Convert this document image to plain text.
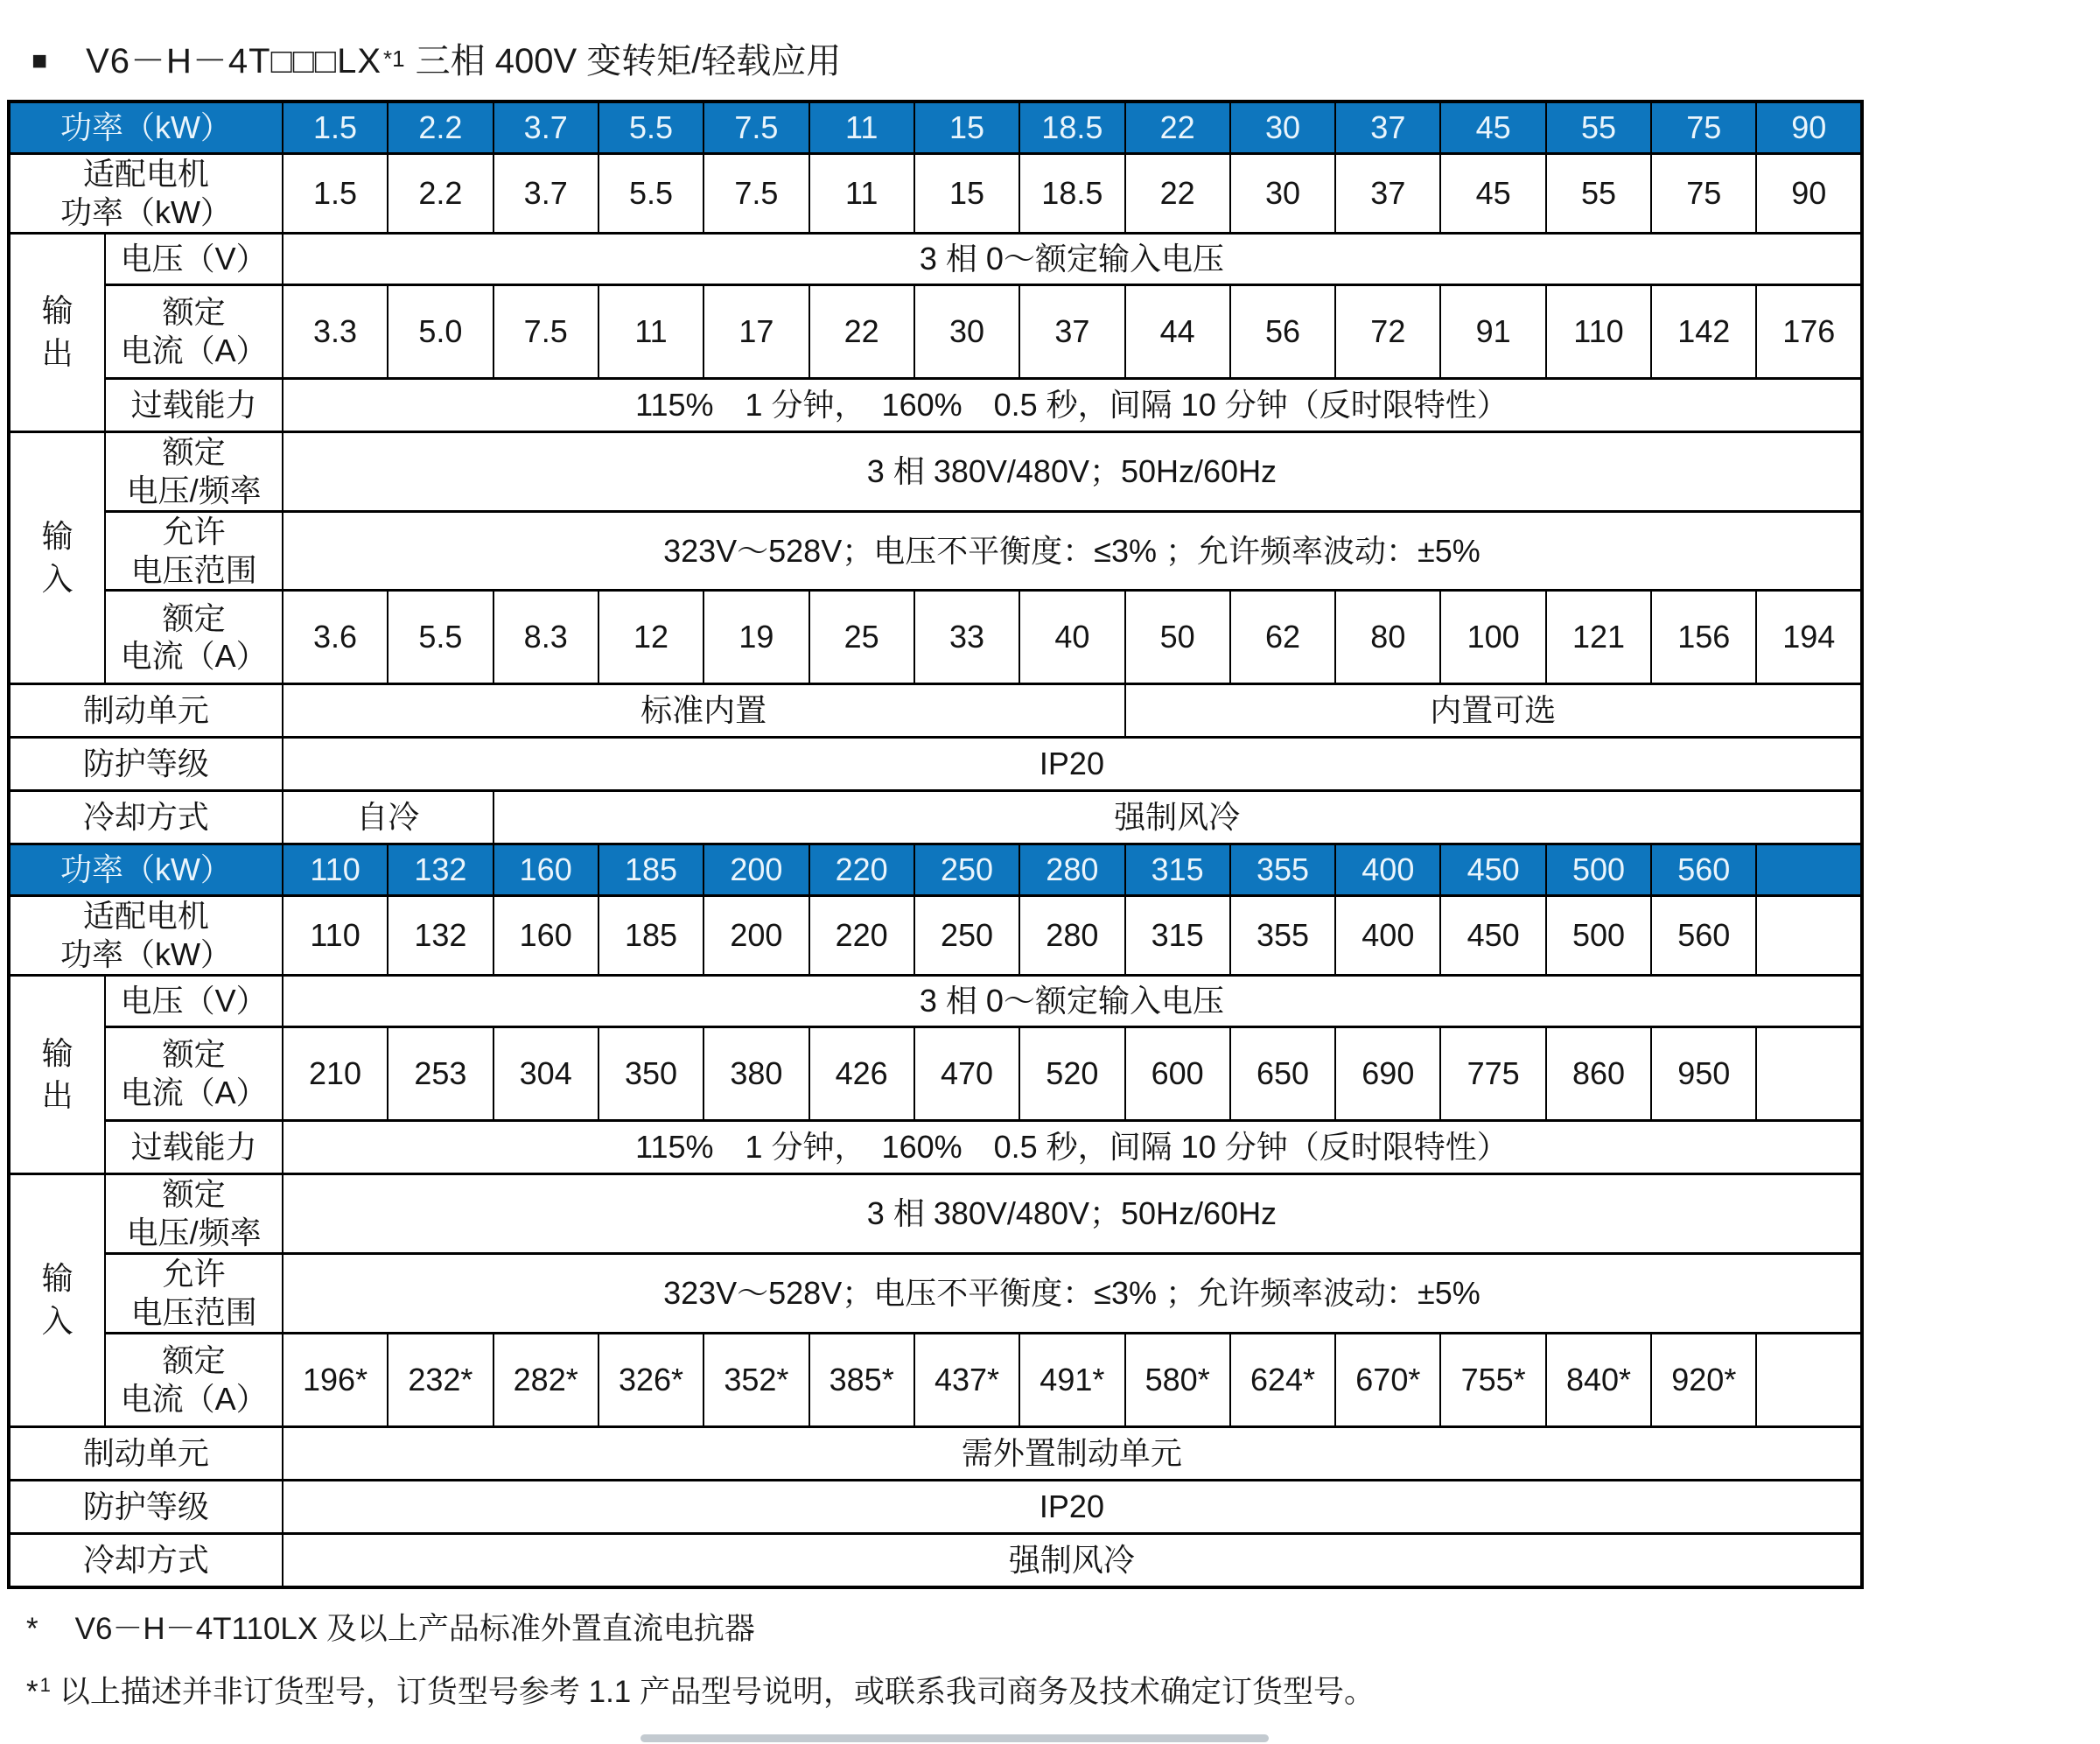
■ V6－H－4T□□□LX *1 三相 400V 变转矩/轻载应用
功率（kW）		1.5	2.2	3.7	5.5	7.5	11	15	18.5	22	30	37	45	55	75	90

适配电机
功率（kW）		1.5	2.2	3.7	5.5	7.5	11	15	18.5	22	30	37	45	55	75	90

输
出	电压（V）	3 相 0～额定输入电压														

	额定
电流（A）	3.3	5.0	7.5	11	17	22	30	37	44	56	72	91	110	142	176
	过载能力	115%　1 分钟，　160%　0.5 秒，间隔 10 分钟（反时限特性）														

输
入

额定
电压/频率
	3 相 380V/480V；50Hz/60Hz

	允许
电压范围	323V～528V；电压不平衡度：≤3% ；允许频率波动：±5%														

	额定
电流（A）	3.6	5.5	8.3	12	19	25	33	40	50	62	80	100	121	156	194
制动单元		标准内置								内置可选						
防护等级		IP20														
冷却方式		自冷		强制风冷												
功率（kW）		110	132	160	185	200	220	250	280	315	355	400	450	500	560	

适配电机
功率（kW）		110	132	160	185	200	220	250	280	315	355	400	450	500	560	

输
出	电压（V）	3 相 0～额定输入电压														

	额定
电流（A）	210	253	304	350	380	426	470	520	600	650	690	775	860	950	
	过载能力	115%　1 分钟，　160%　0.5 秒，间隔 10 分钟（反时限特性）														

输
入

额定
电压/频率
	3 相 380V/480V；50Hz/60Hz

	允许
电压范围	323V～528V；电压不平衡度：≤3% ；允许频率波动：±5%														

	额定
电流（A）	196*	232*	282*	326*	352*	385*	437*	491*	580*	624*	670*	755*	840*	920*	
制动单元		需外置制动单元														
防护等级		IP20														
冷却方式		强制风冷														
* V6－H－4T110LX 及以上产品标准外置直流电抗器
* 1 以上描述并非订货型号，订货型号参考 1.1 产品型号说明，或联系我司商务及技术确定订货型号。
